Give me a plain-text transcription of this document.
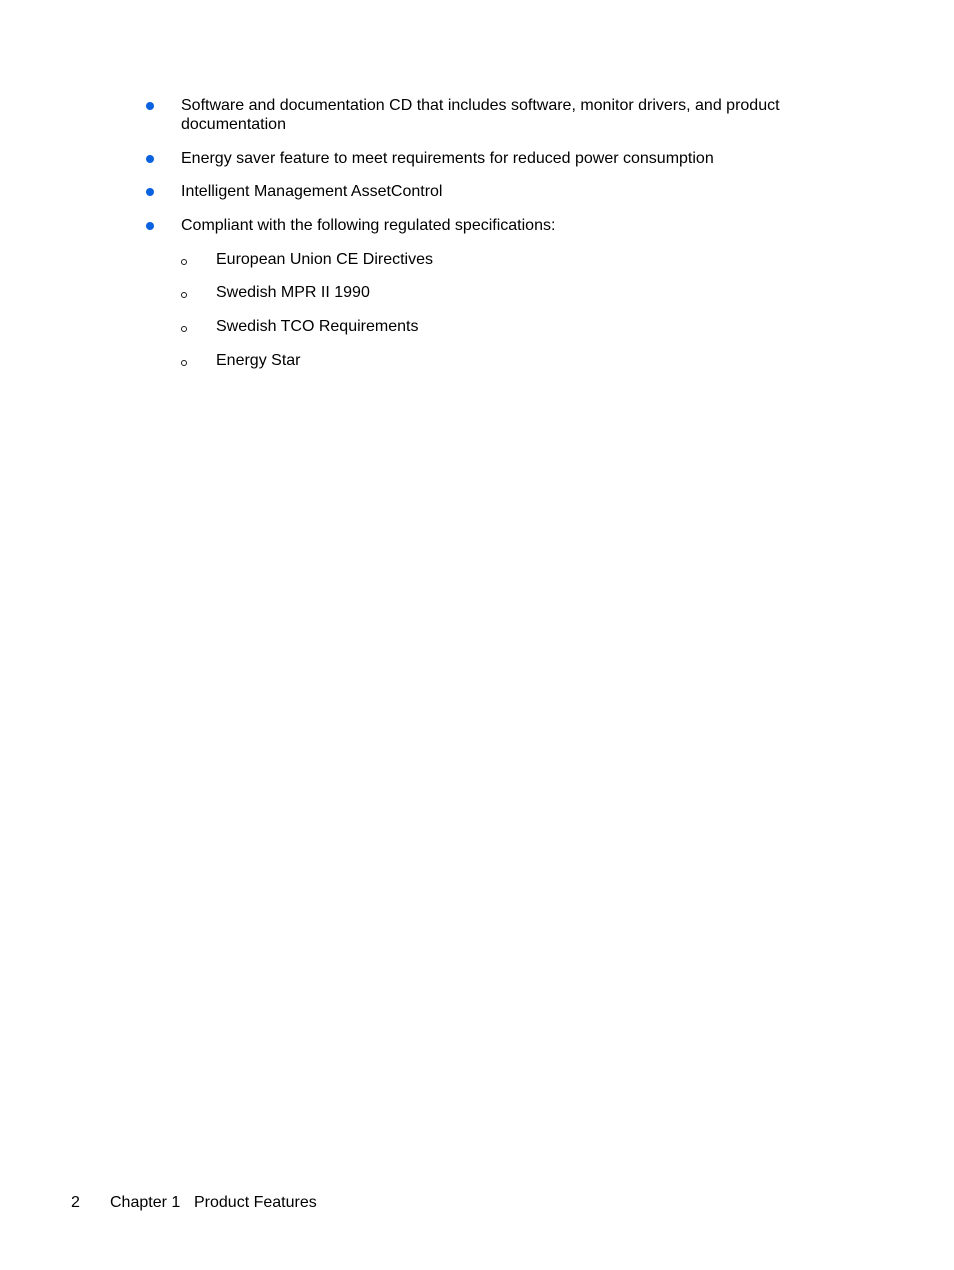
Software and documentation CD that includes software, monitor drivers, and product documentation
Energy saver feature to meet requirements for reduced power consumption
Intelligent Management AssetControl
Compliant with the following regulated specifications:
European Union CE Directives
Swedish MPR II 1990
Swedish TCO Requirements
Energy Star
2 Chapter 1 Product Features
